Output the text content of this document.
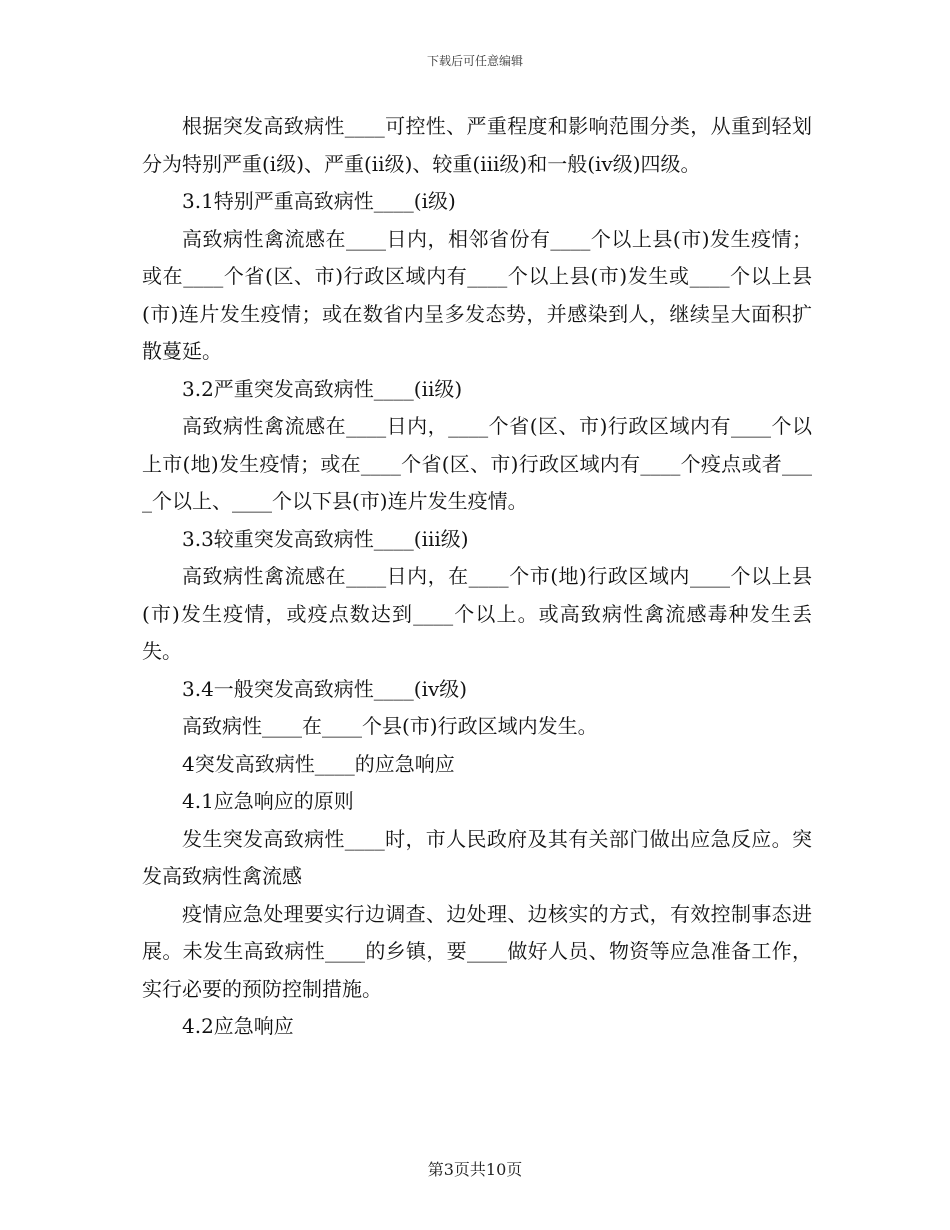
下载后可任意编辑

根据突发高致病性____可控性、严重程度和影响范围分类，从重到轻划分为特别严重(ⅰ级)、严重(ⅱ级)、较重(ⅲ级)和一般(ⅳ级)四级。

3.1特别严重高致病性____(ⅰ级)

高致病性禽流感在____日内，相邻省份有____个以上县(市)发生疫情；或在____个省(区、市)行政区域内有____个以上县(市)发生或____个以上县(市)连片发生疫情；或在数省内呈多发态势，并感染到人，继续呈大面积扩散蔓延。

3.2严重突发高致病性____(ⅱ级)

高致病性禽流感在____日内，____个省(区、市)行政区域内有____个以上市(地)发生疫情；或在____个省(区、市)行政区域内有____个疫点或者____个以上、____个以下县(市)连片发生疫情。

3.3较重突发高致病性____(ⅲ级)

高致病性禽流感在____日内，在____个市(地)行政区域内____个以上县(市)发生疫情，或疫点数达到____个以上。或高致病性禽流感毒种发生丢失。

3.4一般突发高致病性____(ⅳ级)

高致病性____在____个县(市)行政区域内发生。

4突发高致病性____的应急响应

4.1应急响应的原则

发生突发高致病性____时，市人民政府及其有关部门做出应急反应。突发高致病性禽流感

疫情应急处理要实行边调查、边处理、边核实的方式，有效控制事态进展。未发生高致病性____的乡镇，要____做好人员、物资等应急准备工作，实行必要的预防控制措施。

4.2应急响应

第3页共10页
